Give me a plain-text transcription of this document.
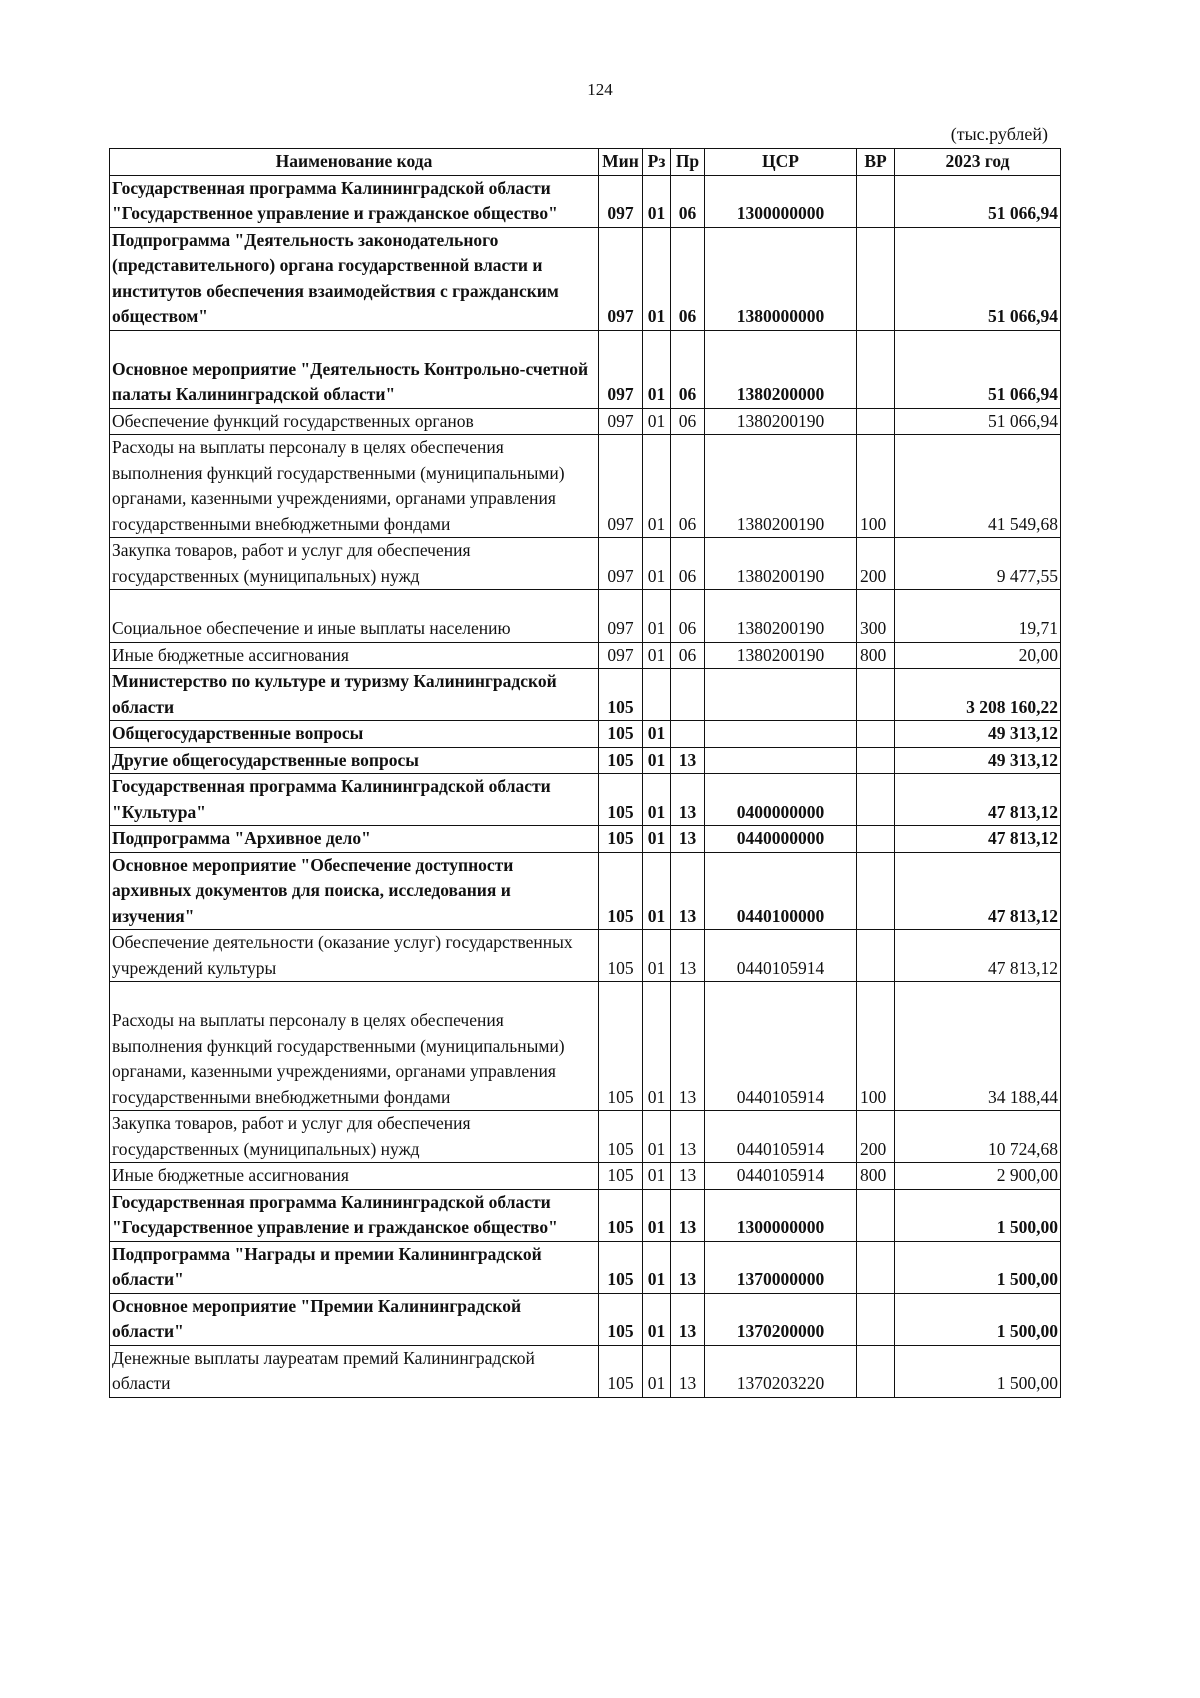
124
(тыс.рублей)
Наименование кода	Мин	Рз	Пр	ЦСР	ВР	2023 год
Государственная программа Калининградской области "Государственное управление и гражданское общество"	097	01	06	1300000000		51 066,94
Подпрограмма "Деятельность законодательного (представительного) органа государственной власти и институтов обеспечения взаимодействия с гражданским обществом"	097	01	06	1380000000		51 066,94
Основное мероприятие "Деятельность Контрольно-счетной палаты Калининградской области"	097	01	06	1380200000		51 066,94
Обеспечение функций государственных органов	097	01	06	1380200190		51 066,94
Расходы на выплаты персоналу в целях обеспечения выполнения функций государственными (муниципальными) органами, казенными учреждениями, органами управления государственными внебюджетными фондами	097	01	06	1380200190	100	41 549,68
Закупка товаров, работ и услуг для обеспечения государственных (муниципальных) нужд	097	01	06	1380200190	200	9 477,55
Социальное обеспечение и иные выплаты населению	097	01	06	1380200190	300	19,71
Иные бюджетные ассигнования	097	01	06	1380200190	800	20,00
Министерство по культуре и туризму Калининградской области	105					3 208 160,22
Общегосударственные вопросы	105	01				49 313,12
Другие общегосударственные вопросы	105	01	13			49 313,12
Государственная программа Калининградской области "Культура"	105	01	13	0400000000		47 813,12
Подпрограмма "Архивное дело"	105	01	13	0440000000		47 813,12
Основное мероприятие "Обеспечение доступности архивных документов для поиска, исследования и изучения"	105	01	13	0440100000		47 813,12
Обеспечение деятельности (оказание услуг) государственных учреждений культуры	105	01	13	0440105914		47 813,12
Расходы на выплаты персоналу в целях обеспечения выполнения функций государственными (муниципальными) органами, казенными учреждениями, органами управления государственными внебюджетными фондами	105	01	13	0440105914	100	34 188,44
Закупка товаров, работ и услуг для обеспечения государственных (муниципальных) нужд	105	01	13	0440105914	200	10 724,68
Иные бюджетные ассигнования	105	01	13	0440105914	800	2 900,00
Государственная программа Калининградской области "Государственное управление и гражданское общество"	105	01	13	1300000000		1 500,00
Подпрограмма "Награды и премии Калининградской области"	105	01	13	1370000000		1 500,00
Основное мероприятие "Премии Калининградской области"	105	01	13	1370200000		1 500,00
Денежные выплаты лауреатам премий Калининградской области	105	01	13	1370203220		1 500,00
